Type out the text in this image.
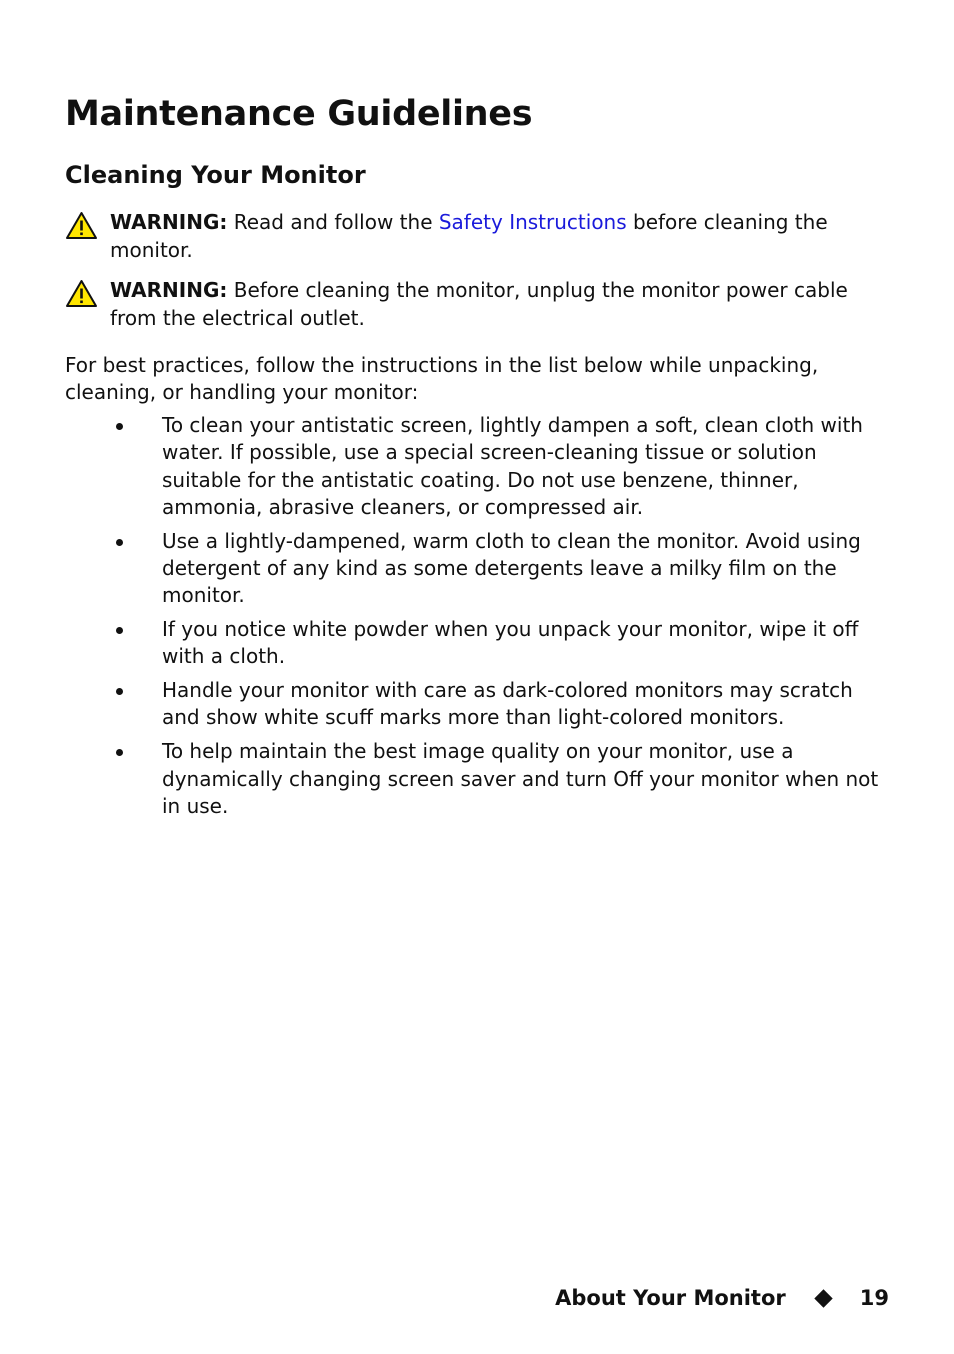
Maintenance Guidelines
Cleaning Your Monitor
WARNING: Read and follow the Safety Instructions before cleaning the monitor.
WARNING: Before cleaning the monitor, unplug the monitor power cable from the electrical outlet.

For best practices, follow the instructions in the list below while unpacking, cleaning, or handling your monitor:

To clean your antistatic screen, lightly dampen a soft, clean cloth with water. If possible, use a special screen-cleaning tissue or solution suitable for the antistatic coating. Do not use benzene, thinner, ammonia, abrasive cleaners, or compressed air.
Use a lightly-dampened, warm cloth to clean the monitor. Avoid using detergent of any kind as some detergents leave a milky film on the monitor.
If you notice white powder when you unpack your monitor, wipe it off with a cloth.
Handle your monitor with care as dark-colored monitors may scratch and show white scuff marks more than light-colored monitors.
To help maintain the best image quality on your monitor, use a dynamically changing screen saver and turn Off your monitor when not in use.
About Your Monitor	19
